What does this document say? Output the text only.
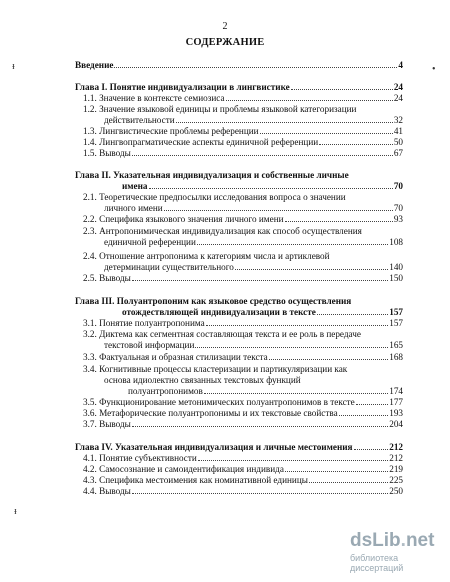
2
СОДЕРЖАНИЕ
ᵻ	•
ᵻ
Введение	4
Глава I. Понятие индивидуализации в лингвистике	24
1.1. Значение в контексте семиозиса	24
1.2. Значение языковой единицы и проблемы языковой категоризации
действительности	32
1.3. Лингвистические проблемы референции	41
1.4. Лингвопрагматические аспекты единичной референции	50
1.5. Выводы	67
Глава II. Указательная индивидуализация и собственные личные
имена	70
2.1. Теоретические предпосылки исследования вопроса о значении
личного имени	70
2.2. Специфика языкового значения личного имени	93
2.3. Антропонимическая индивидуализация как способ осуществления
единичной референции	108
2.4. Отношение антропонима к категориям числа и артиклевой
детерминации существительного	140
2.5. Выводы	150
Глава III. Полуантропоним как языковое средство осуществления
отождествляющей индивидуализации в тексте	157
3.1. Понятие полуантропонима	157
3.2. Диктема как сегментная составляющая текста и ее роль в передаче
текстовой информации	165
3.3. Фактуальная и образная стилизации текста	168
3.4. Когнитивные процессы кластеризации и партикуляризации как
основа идиолектно связанных текстовых функций
полуантропонимов	174
3.5. Функционирование метонимических полуантропонимов в тексте	177
3.6. Метафорические полуантропонимы и их текстовые свойства	193
3.7. Выводы	204
Глава IV. Указательная индивидуализация и личные местоимения	212
4.1. Понятие субъективности	212
4.2. Самосознание и самоидентификация индивида	219
4.3. Специфика местоимения как номинативной единицы	225
4.4. Выводы	250
dsLib.net
библиотека диссертаций
